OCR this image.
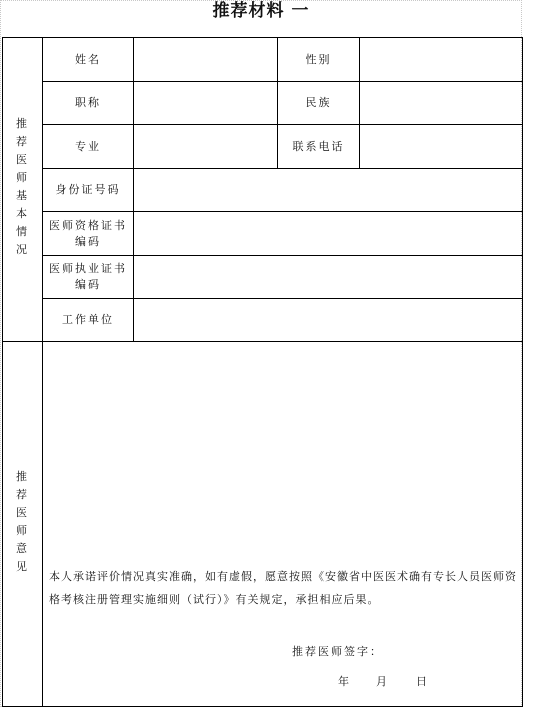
推荐材料 一
推荐医师基本情况
姓名	性别
职称	民族
专业	联系电话
身份证号码
医师资格证书
编码
医师执业证书
编码
工作单位
推荐医师意见
本人承诺评价情况真实准确，如有虚假，愿意按照《安徽省中医医术确有专长人员医师资格考核注册管理实施细则（试行）》有关规定，承担相应后果。
推荐医师签字：
年 月	日
